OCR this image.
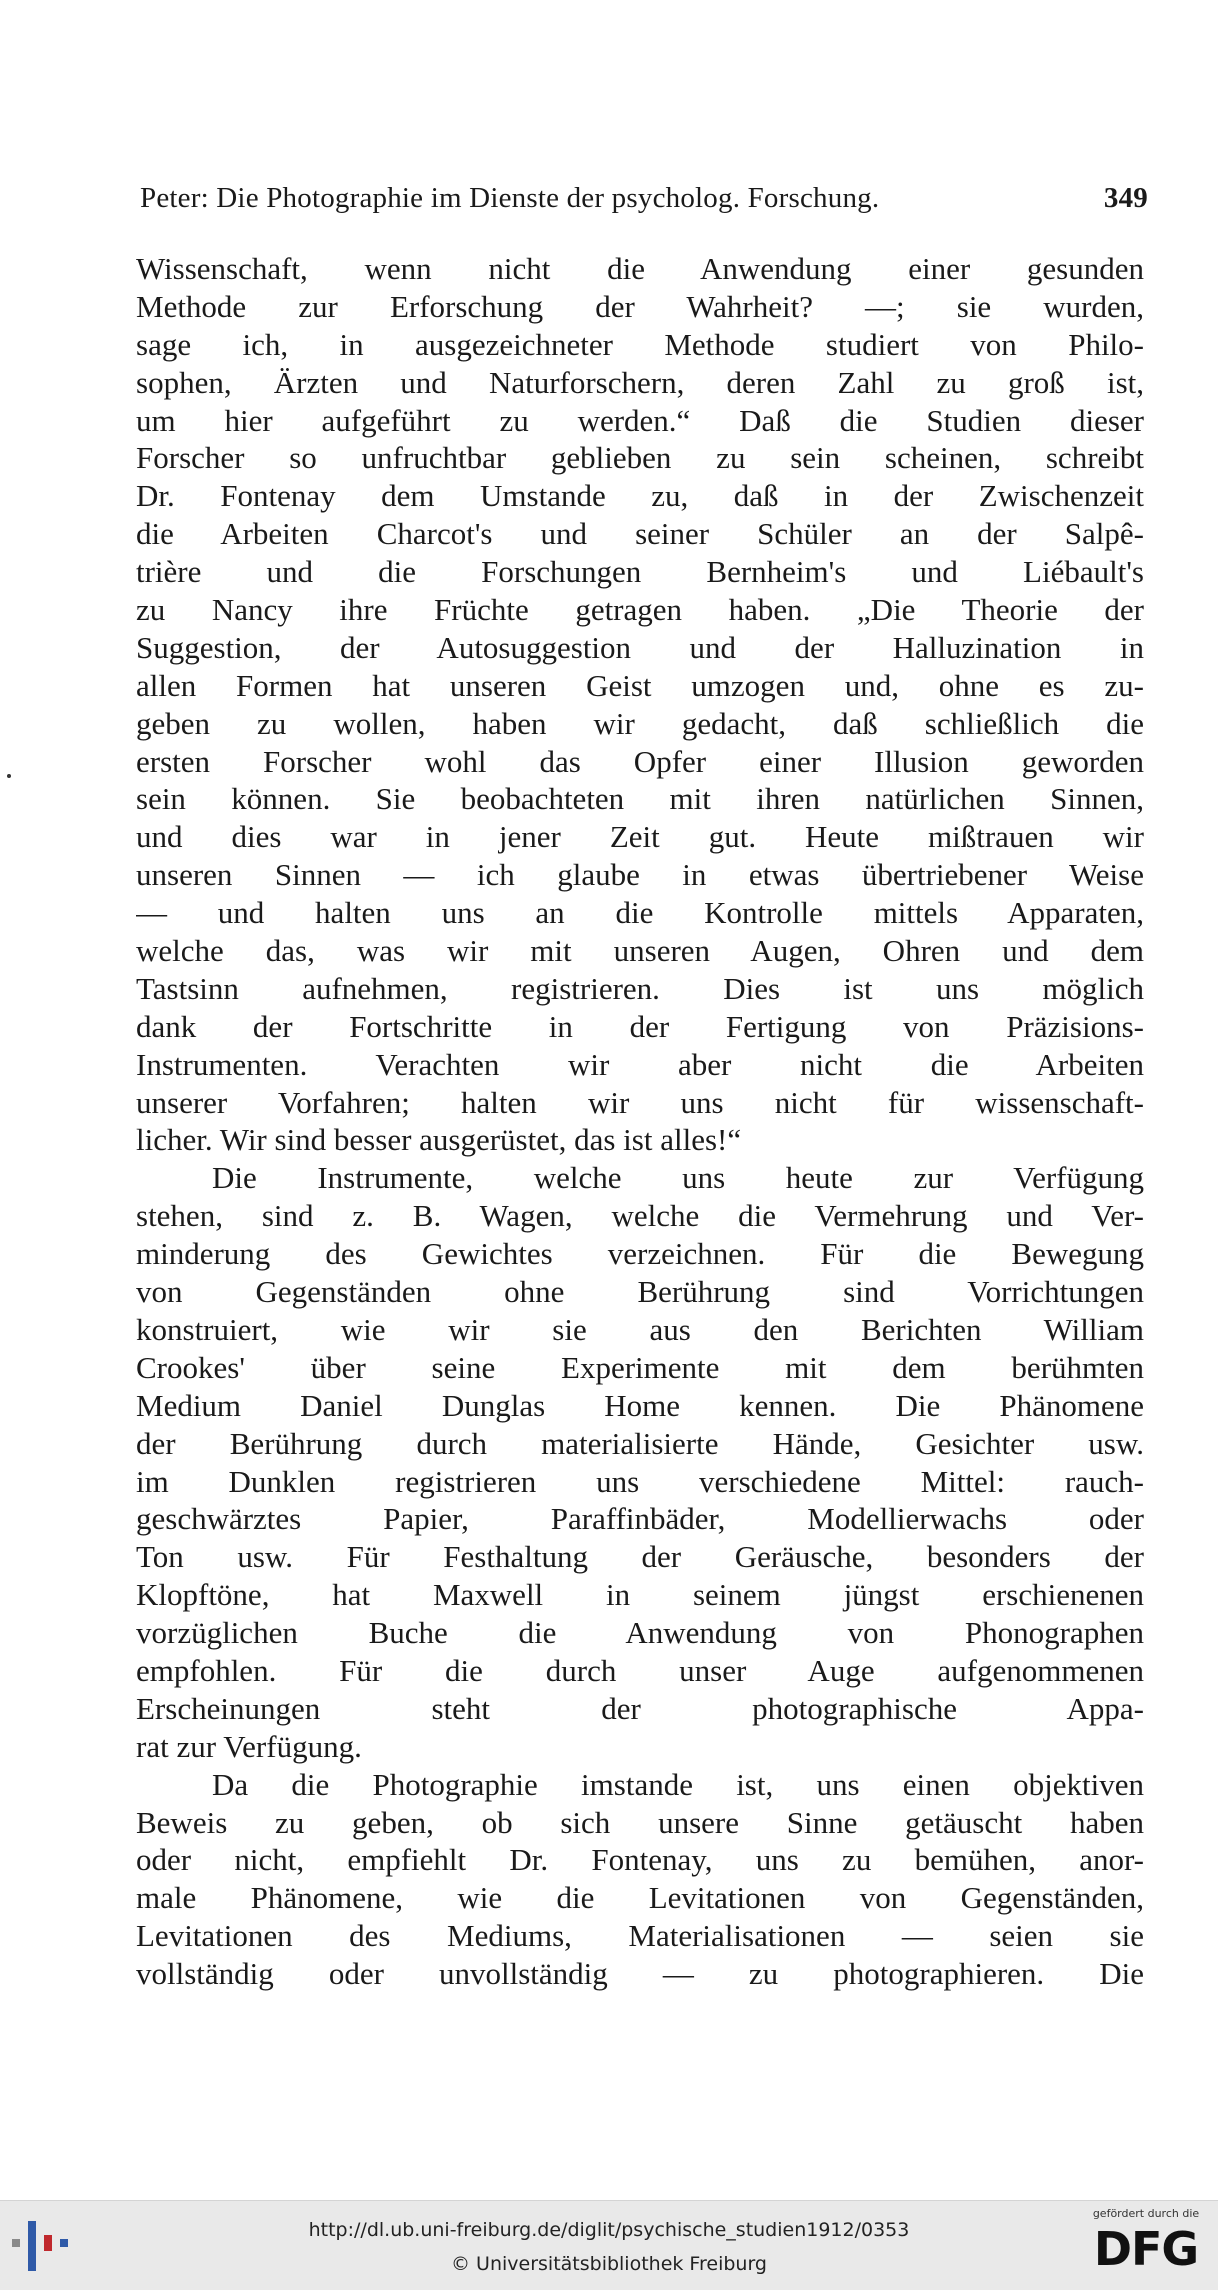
Peter: Die Photographie im Dienste der psycholog. Forschung.	349
Wissenschaft, wenn nicht die Anwendung einer gesunden
Methode zur Erforschung der Wahrheit? —; sie wurden,
sage ich, in ausgezeichneter Methode studiert von Philo-
sophen, Ärzten und Naturforschern, deren Zahl zu groß ist,
um hier aufgeführt zu werden.“ Daß die Studien dieser
Forscher so unfruchtbar geblieben zu sein scheinen, schreibt
Dr. Fontenay dem Umstande zu, daß in der Zwischenzeit
die Arbeiten Charcot's und seiner Schüler an der Salpê-
trière und die Forschungen Bernheim's und Liébault's
zu Nancy ihre Früchte getragen haben. „Die Theorie der
Suggestion, der Autosuggestion und der Halluzination in
allen Formen hat unseren Geist umzogen und, ohne es zu-
geben zu wollen, haben wir gedacht, daß schließlich die
ersten Forscher wohl das Opfer einer Illusion geworden
sein können. Sie beobachteten mit ihren natürlichen Sinnen,
und dies war in jener Zeit gut. Heute mißtrauen wir
unseren Sinnen — ich glaube in etwas übertriebener Weise
— und halten uns an die Kontrolle mittels Apparaten,
welche das, was wir mit unseren Augen, Ohren und dem
Tastsinn aufnehmen, registrieren. Dies ist uns möglich
dank der Fortschritte in der Fertigung von Präzisions-
Instrumenten. Verachten wir aber nicht die Arbeiten
unserer Vorfahren; halten wir uns nicht für wissenschaft-
licher. Wir sind besser ausgerüstet, das ist alles!“
Die Instrumente, welche uns heute zur Verfügung
stehen, sind z. B. Wagen, welche die Vermehrung und Ver-
minderung des Gewichtes verzeichnen. Für die Bewegung
von Gegenständen ohne Berührung sind Vorrichtungen
konstruiert, wie wir sie aus den Berichten William
Crookes' über seine Experimente mit dem berühmten
Medium Daniel Dunglas Home kennen. Die Phänomene
der Berührung durch materialisierte Hände, Gesichter usw.
im Dunklen registrieren uns verschiedene Mittel: rauch-
geschwärztes Papier, Paraffinbäder, Modellierwachs oder
Ton usw. Für Festhaltung der Geräusche, besonders der
Klopftöne, hat Maxwell in seinem jüngst erschienenen
vorzüglichen Buche die Anwendung von Phonographen
empfohlen. Für die durch unser Auge aufgenommenen
Erscheinungen steht der photographische Appa-
rat zur Verfügung.
Da die Photographie imstande ist, uns einen objektiven
Beweis zu geben, ob sich unsere Sinne getäuscht haben
oder nicht, empfiehlt Dr. Fontenay, uns zu bemühen, anor-
male Phänomene, wie die Levitationen von Gegenständen,
Levitationen des Mediums, Materialisationen — seien sie
vollständig oder unvollständig — zu photographieren. Die
http://dl.ub.uni-freiburg.de/diglit/psychische_studien1912/0353
© Universitätsbibliothek Freiburg
gefördert durch die
DFG
